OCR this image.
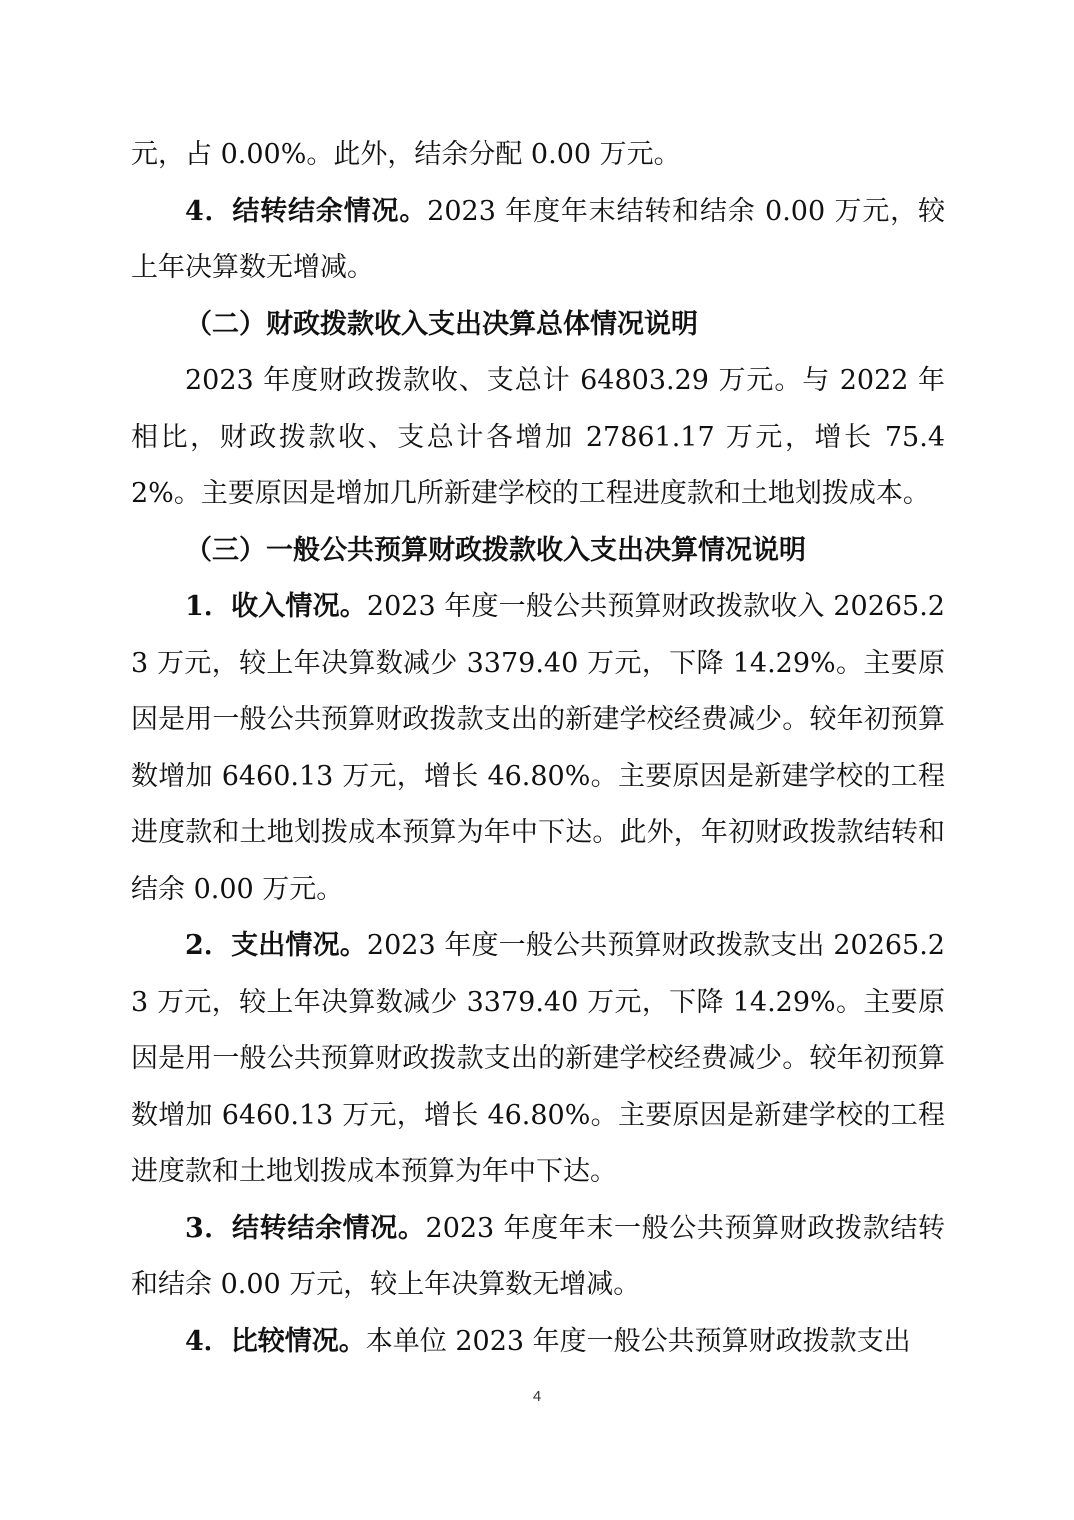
元，占 0.00%。此外，结余分配 0.00 万元。

4．结转结余情况。2023 年度年末结转和结余 0.00 万元，较上年决算数无增减。

（二）财政拨款收入支出决算总体情况说明

2023 年度财政拨款收、支总计 64803.29 万元。与 2022 年相比，财政拨款收、支总计各增加 27861.17 万元，增长 75.42%。主要原因是增加几所新建学校的工程进度款和土地划拨成本。

（三）一般公共预算财政拨款收入支出决算情况说明

1．收入情况。2023 年度一般公共预算财政拨款收入 20265.23 万元，较上年决算数减少 3379.40 万元，下降 14.29%。主要原因是用一般公共预算财政拨款支出的新建学校经费减少。较年初预算数增加 6460.13 万元，增长 46.80%。主要原因是新建学校的工程进度款和土地划拨成本预算为年中下达。此外，年初财政拨款结转和结余 0.00 万元。

2．支出情况。2023 年度一般公共预算财政拨款支出 20265.23 万元，较上年决算数减少 3379.40 万元，下降 14.29%。主要原因是用一般公共预算财政拨款支出的新建学校经费减少。较年初预算数增加 6460.13 万元，增长 46.80%。主要原因是新建学校的工程进度款和土地划拨成本预算为年中下达。

3．结转结余情况。2023 年度年末一般公共预算财政拨款结转和结余 0.00 万元，较上年决算数无增减。

4．比较情况。本单位 2023 年度一般公共预算财政拨款支出

4
